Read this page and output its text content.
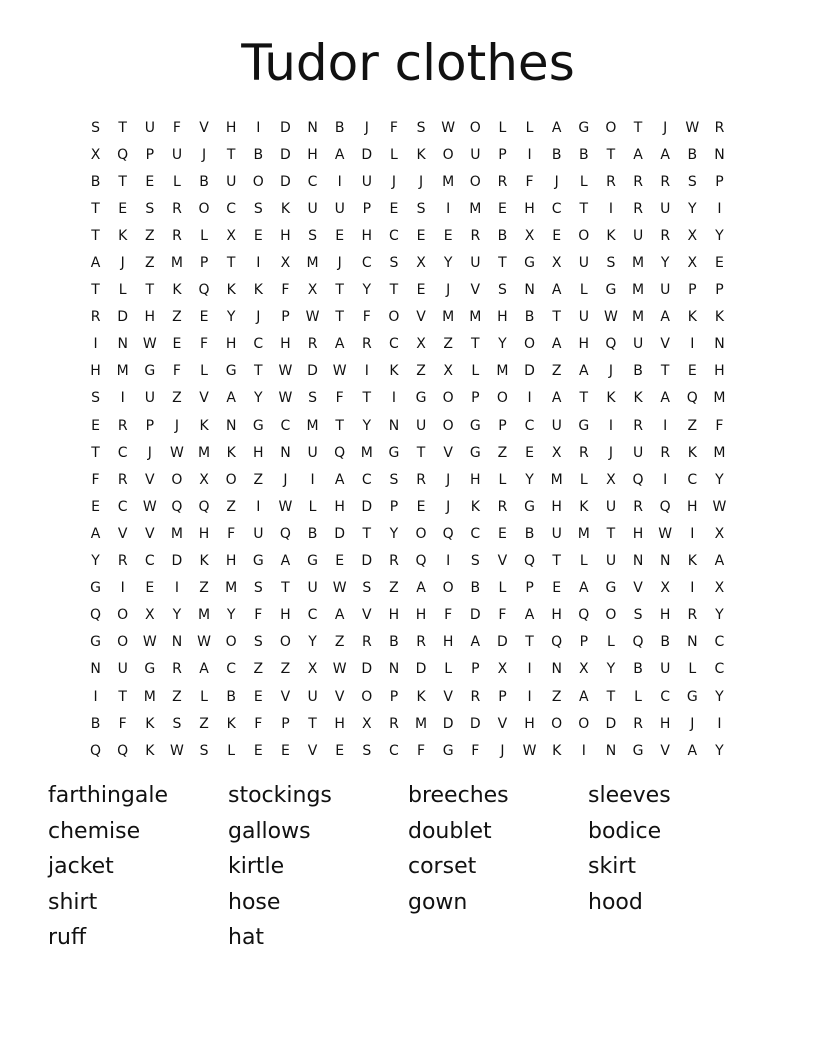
Tudor clothes
S	T	U	F	V	H	I	D	N	B	J	F	S	W	O	L	L	A	G	O	T	J	W	R
X	Q	P	U	J	T	B	D	H	A	D	L	K	O	U	P	I	B	B	T	A	A	B	N
B	T	E	L	B	U	O	D	C	I	U	J	J	M	O	R	F	J	L	R	R	R	S	P
T	E	S	R	O	C	S	K	U	U	P	E	S	I	M	E	H	C	T	I	R	U	Y	I
T	K	Z	R	L	X	E	H	S	E	H	C	E	E	R	B	X	E	O	K	U	R	X	Y
A	J	Z	M	P	T	I	X	M	J	C	S	X	Y	U	T	G	X	U	S	M	Y	X	E
T	L	T	K	Q	K	K	F	X	T	Y	T	E	J	V	S	N	A	L	G	M	U	P	P
R	D	H	Z	E	Y	J	P	W	T	F	O	V	M	M	H	B	T	U	W	M	A	K	K
I	N	W	E	F	H	C	H	R	A	R	C	X	Z	T	Y	O	A	H	Q	U	V	I	N
H	M	G	F	L	G	T	W	D	W	I	K	Z	X	L	M	D	Z	A	J	B	T	E	H
S	I	U	Z	V	A	Y	W	S	F	T	I	G	O	P	O	I	A	T	K	K	A	Q	M
E	R	P	J	K	N	G	C	M	T	Y	N	U	O	G	P	C	U	G	I	R	I	Z	F
T	C	J	W	M	K	H	N	U	Q	M	G	T	V	G	Z	E	X	R	J	U	R	K	M
F	R	V	O	X	O	Z	J	I	A	C	S	R	J	H	L	Y	M	L	X	Q	I	C	Y
E	C	W	Q	Q	Z	I	W	L	H	D	P	E	J	K	R	G	H	K	U	R	Q	H	W
A	V	V	M	H	F	U	Q	B	D	T	Y	O	Q	C	E	B	U	M	T	H	W	I	X
Y	R	C	D	K	H	G	A	G	E	D	R	Q	I	S	V	Q	T	L	U	N	N	K	A
G	I	E	I	Z	M	S	T	U	W	S	Z	A	O	B	L	P	E	A	G	V	X	I	X
Q	O	X	Y	M	Y	F	H	C	A	V	H	H	F	D	F	A	H	Q	O	S	H	R	Y
G	O	W	N	W	O	S	O	Y	Z	R	B	R	H	A	D	T	Q	P	L	Q	B	N	C
N	U	G	R	A	C	Z	Z	X	W	D	N	D	L	P	X	I	N	X	Y	B	U	L	C
I	T	M	Z	L	B	E	V	U	V	O	P	K	V	R	P	I	Z	A	T	L	C	G	Y
B	F	K	S	Z	K	F	P	T	H	X	R	M	D	D	V	H	O	O	D	R	H	J	I
Q	Q	K	W	S	L	E	E	V	E	S	C	F	G	F	J	W	K	I	N	G	V	A	Y
farthingale	stockings	breeches	sleeves
chemise	gallows	doublet	bodice
jacket	kirtle	corset	skirt
shirt	hose	gown	hood
ruff	hat
